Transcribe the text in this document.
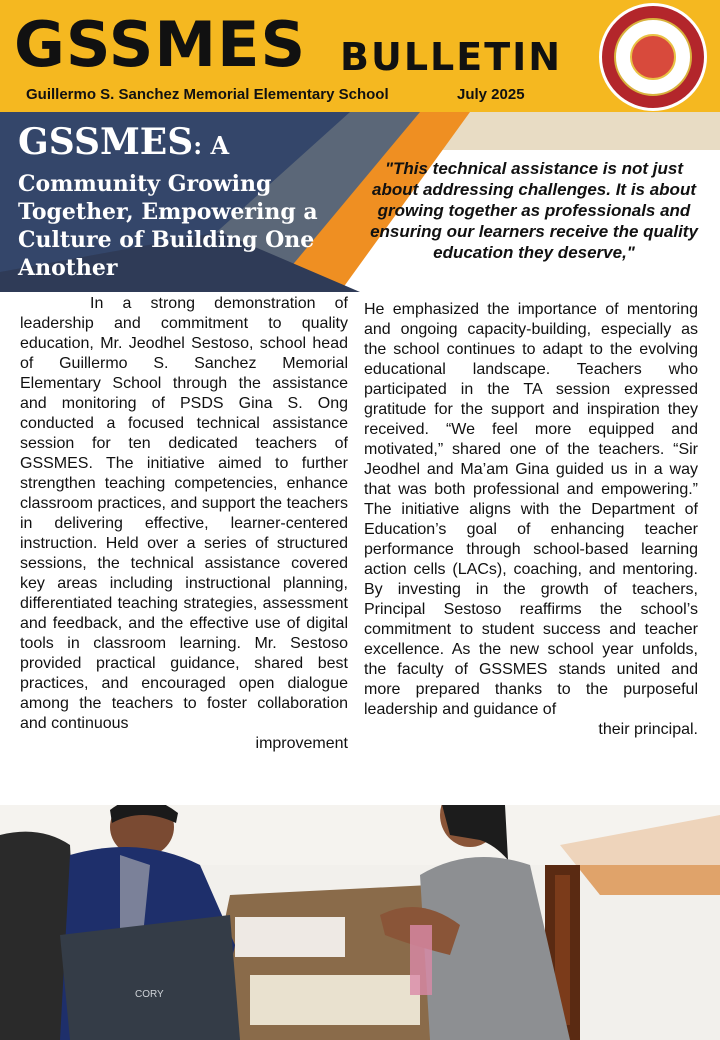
GSSMES BULLETIN
Guillermo S. Sanchez Memorial Elementary School	July 2025
GSSMES: A
Community Growing Together, Empowering a Culture of Building One Another
"This technical assistance is not just about addressing challenges. It is about growing together as professionals and ensuring our learners receive the quality education they deserve,"
In a strong demonstration of leadership and commitment to quality education, Mr. Jeodhel Sestoso, school head of Guillermo S. Sanchez Memorial Elementary School through the assistance and monitoring of PSDS Gina S. Ong conducted a focused technical assistance session for ten dedicated teachers of GSSMES. The initiative aimed to further strengthen teaching competencies, enhance classroom practices, and support the teachers in delivering effective, learner-centered instruction. Held over a series of structured sessions, the technical assistance covered key areas including instructional planning, differentiated teaching strategies, assessment and feedback, and the effective use of digital tools in classroom learning. Mr. Sestoso provided practical guidance, shared best practices, and encouraged open dialogue among the teachers to foster collaboration and continuous
improvement
He emphasized the importance of mentoring and ongoing capacity-building, especially as the school continues to adapt to the evolving educational landscape. Teachers who participated in the TA session expressed gratitude for the support and inspiration they received. “We feel more equipped and motivated,” shared one of the teachers. “Sir Jeodhel and Ma’am Gina guided us in a way that was both professional and empowering.” The initiative aligns with the Department of Education’s goal of enhancing teacher performance through school-based learning action cells (LACs), coaching, and mentoring. By investing in the growth of teachers, Principal Sestoso reaffirms the school’s commitment to student success and teacher excellence. As the new school year unfolds, the faculty of GSSMES stands united and more prepared thanks to the purposeful leadership and guidance of
their principal.
CORY
